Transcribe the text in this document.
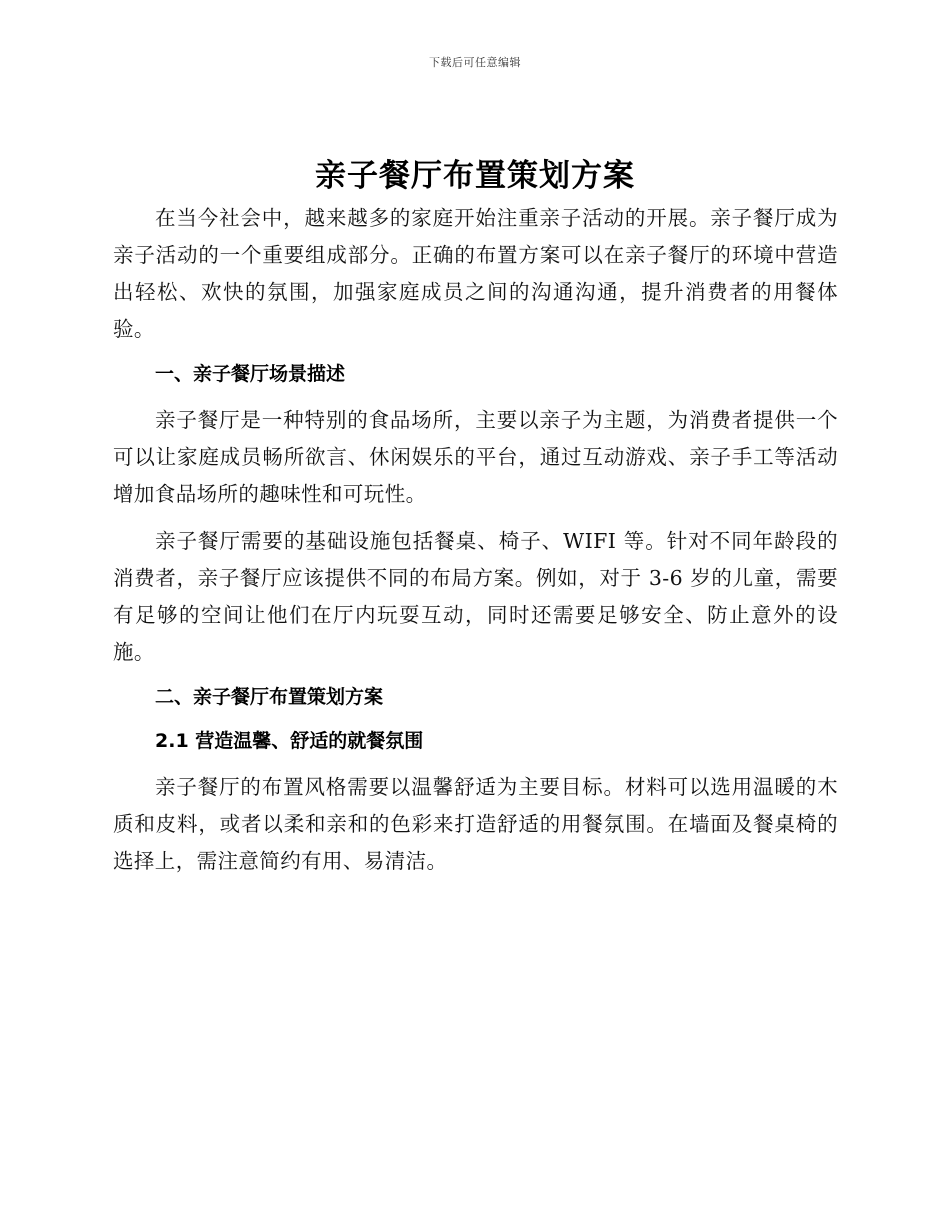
下载后可任意编辑
亲子餐厅布置策划方案

在当今社会中，越来越多的家庭开始注重亲子活动的开展。亲子餐厅成为亲子活动的一个重要组成部分。正确的布置方案可以在亲子餐厅的环境中营造出轻松、欢快的氛围，加强家庭成员之间的沟通沟通，提升消费者的用餐体验。

一、亲子餐厅场景描述

亲子餐厅是一种特别的食品场所，主要以亲子为主题，为消费者提供一个可以让家庭成员畅所欲言、休闲娱乐的平台，通过互动游戏、亲子手工等活动增加食品场所的趣味性和可玩性。

亲子餐厅需要的基础设施包括餐桌、椅子、WIFI 等。针对不同年龄段的消费者，亲子餐厅应该提供不同的布局方案。例如，对于 3-6 岁的儿童，需要有足够的空间让他们在厅内玩耍互动，同时还需要足够安全、防止意外的设施。

二、亲子餐厅布置策划方案
2.1 营造温馨、舒适的就餐氛围

亲子餐厅的布置风格需要以温馨舒适为主要目标。材料可以选用温暖的木质和皮料，或者以柔和亲和的色彩来打造舒适的用餐氛围。在墙面及餐桌椅的选择上，需注意简约有用、易清洁。
